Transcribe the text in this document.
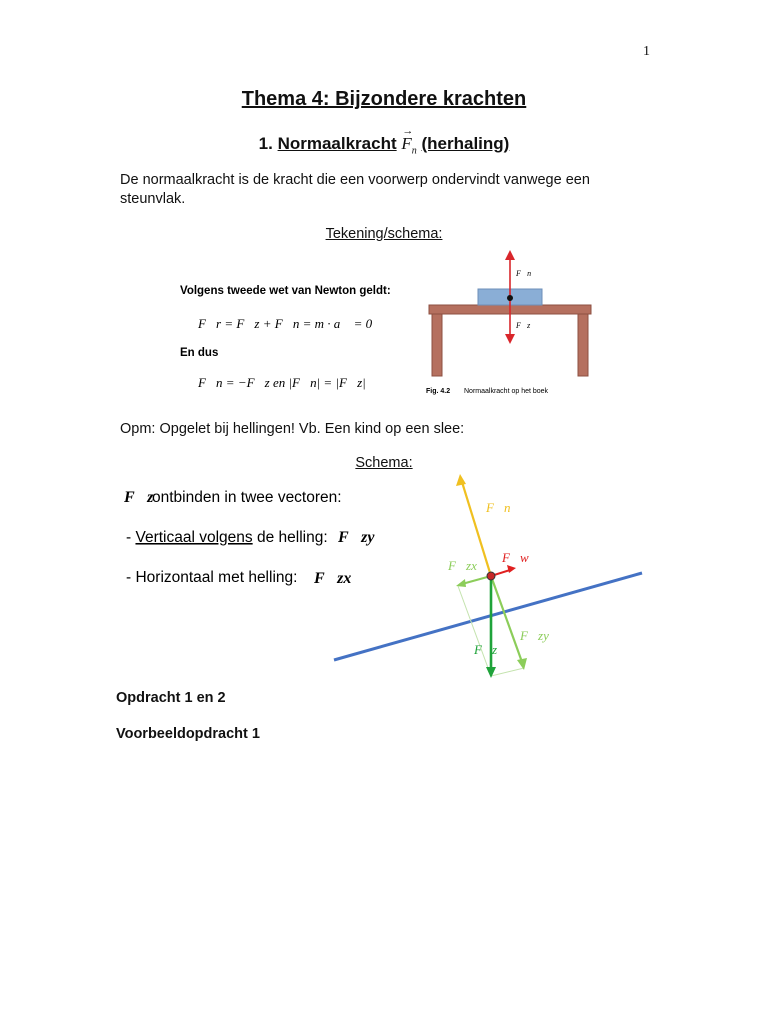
1
Thema 4: Bijzondere krachten
1. Normaalkracht
→
$F_n$ (herhaling)
De normaalkracht is de kracht die een voorwerp ondervindt vanwege een steunvlak.
Tekening/schema:
Volgens tweede wet van Newton geldt:
F⃗r = F⃗z + F⃗n = m · a⃗ = 0⃗
En dus
F⃗n = −F⃗z en |F⃗n| = |F⃗z|
F⃗n
F⃗z
Fig. 4.2 Normaalkracht op het boek
Opm: Opgelet bij hellingen! Vb. Een kind op een slee:
Schema:
F⃗z
ontbinden in twee vectoren:
- Verticaal volgens de helling: F⃗zy
- Horizontaal met helling: F⃗zx
F⃗n
F⃗zx
F⃗zy
F⃗z
F⃗w
Opdracht 1 en 2
Voorbeeldopdracht 1
